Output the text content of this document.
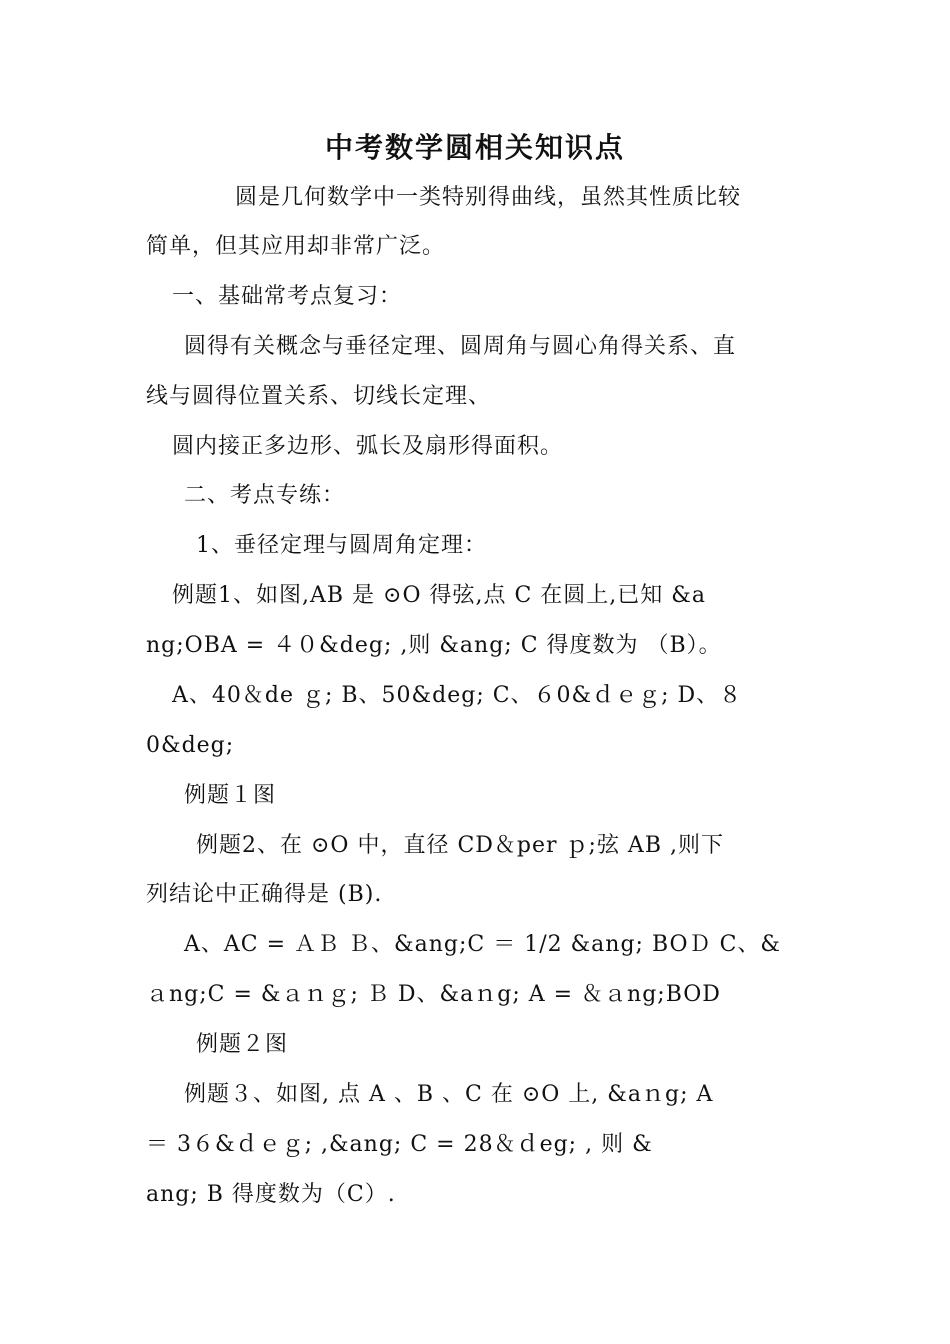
中考数学圆相关知识点
圆是几何数学中一类特别得曲线，虽然其性质比较
简单，但其应用却非常广泛。
一、基础常考点复习：
圆得有关概念与垂径定理、圆周角与圆心角得关系、直
线与圆得位置关系、切线长定理、
圆内接正多边形、弧长及扇形得面积。
二、考点专练：
1、垂径定理与圆周角定理：
例题1、如图,AB 是 ⊙O 得弦,点 C 在圆上,已知 &a
ng;OBA = ４０&deg; ,则 &ang; C 得度数为 （B）。
A、40＆de ｇ; B、50&deg; C、６0&ｄｅｇ; D、８
0&deg;
例题１图
例题2、在 ⊙O 中，直径 CD＆per ｐ;弦 AB ,则下
列结论中正确得是 (B).
A、AC = ＡＢ Ｂ、&ang;C ＝ 1/2 &ang; BOＤ C、&
ａng;C = &ａｎｇ; Ｂ D、&aｎg; A = ＆ａng;BOD
例题２图
例题３、如图, 点 A 、B 、C 在 ⊙O 上, &aｎg; A
＝ 3６&ｄｅｇ; ,&ang; C = 28＆ｄeg; , 则 &
ang; B 得度数为（C）.
